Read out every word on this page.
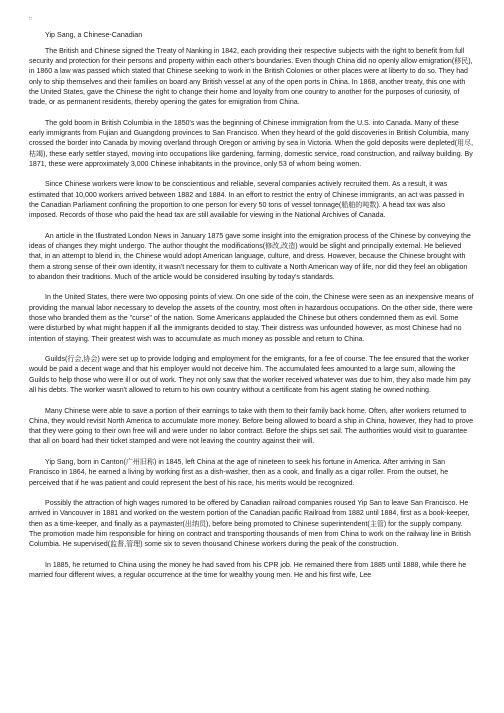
□
Yip Sang, a Chinese-Canadian

The British and Chinese signed the Treaty of Nanking in 1842, each providing their respective subjects with the right to benefit from full security and protection for their persons and property within each other's boundaries. Even though China did no openly allow emigration(移民), in 1860 a law was passed which stated that Chinese seeking to work in the British Colonies or other places were at liberty to do so. They had only to ship themselves and their families on board any British vessel at any of the open ports in China. In 1868, another treaty, this one with the United States, gave the Chinese the right to change their home and loyalty from one country to another for the purposes of curiosity, of trade, or as permanent residents, thereby opening the gates for emigration from China.

The gold boom in British Columbia in the 1850's was the beginning of Chinese immigration from the U.S. into Canada. Many of these early immigrants from Fujian and Guangdong provinces to San Francisco. When they heard of the gold discoveries in British Columbia, many crossed the border into Canada by moving overland through Oregon or arriving by sea in Victoria. When the gold deposits were depleted(用尽,枯竭), these early settler stayed, moving into occupations like gardening, farming, domestic service, road construction, and railway building. By 1871, these were approximately 3,000 Chinese inhabitants in the province, only 53 of whom being women.

Since Chinese workers were know to be conscientious and reliable, several companies actively recruited them. As a result, it was estimated that 10,000 workers arrived between 1882 and 1884. In an effort to restrict the entry of Chinese immigrants, an act was passed in the Canadian Parliament confining the proportion to one person for every 50 tons of vessel tonnage(船舶的吨数). A head tax was also imposed. Records of those who paid the head tax are still available for viewing in the National Archives of Canada.

An article in the Illustrated London News in January 1875 gave some insight into the emigration process of the Chinese by conveying the ideas of changes they might undergo. The author thought the modifications(修改,改造) would be slight and principally external. He believed that, in an attempt to blend in, the Chinese would adopt American language, culture, and dress. However, because the Chinese brought with them a strong sense of their own identity, it wasn't necessary for them to cultivate a North American way of life, nor did they feel an obligation to abandon their traditions. Much of the article would be considered insulting by today's standards.

In the United States, there were two opposing points of view. On one side of the coin, the Chinese were seen as an inexpensive means of providing the manual labor necessary to develop the assets of the country, most often in hazardous occupations. On the other side, there were those who branded them as the "curse" of the nation. Some Americans applauded the Chinese but others condemned them as evil. Some were disturbed by what might happen if all the immigrants decided to stay. Their distress was unfounded however, as most Chinese had no intention of staying. Their greatest wish was to accumulate as much money as possible and return to China.

Guilds(行会,协会) were set up to provide lodging and employment for the emigrants, for a fee of course. The fee ensured that the worker would be paid a decent wage and that his employer would not deceive him. The accumulated fees amounted to a large sum, allowing the Guilds to help those who were ill or out of work. They not only saw that the worker received whatever was due to him, they also made him pay all his debts. The worker wasn't allowed to return to his own country without a certificate from his agent stating he owned nothing.

Many Chinese were able to save a portion of their earnings to take with them to their family back home. Often, after workers returned to China, they would revisit North America to accumulate more money. Before being allowed to board a ship in China, however, they had to prove that they were going to their own free will and were under no labor contract. Before the ships set sail. The authorities would visit to guarantee that all on board had their ticket stamped and were not leaving the country against their will.

Yip Sang, born in Canton(广州旧称) in 1845, left China at the age of nineteen to seek his fortune in America. After arriving in San Francisco in 1864, he earned a living by working first as a dish-washer, then as a cook, and finally as a cigar roller. From the outset, he perceived that if he was patient and could represent the best of his race, his merits would be recognized.

Possibly the attraction of high wages rumored to be offered by Canadian railroad companies roused Yip San to leave San Francisco. He arrived in Vancouver in 1881 and worked on the western portion of the Canadian pacific Railroad from 1882 until 1884, first as a book-keeper, then as a time-keeper, and finally as a paymaster(出纳员), before being promoted to Chinese superintendent(主管) for the supply company. The promotion made him responsible for hiring on contract and transporting thousands of men from China to work on the railway line in British Columbia. He supervised(监督,管理) some six to seven thousand Chinese workers during the peak of the construction.

In 1885, he returned to China using the money he had saved from his CPR job. He remained there from 1885 until 1888, while there he married four different wives, a regular occurrence at the time for wealthy young men. He and his first wife, Lee
